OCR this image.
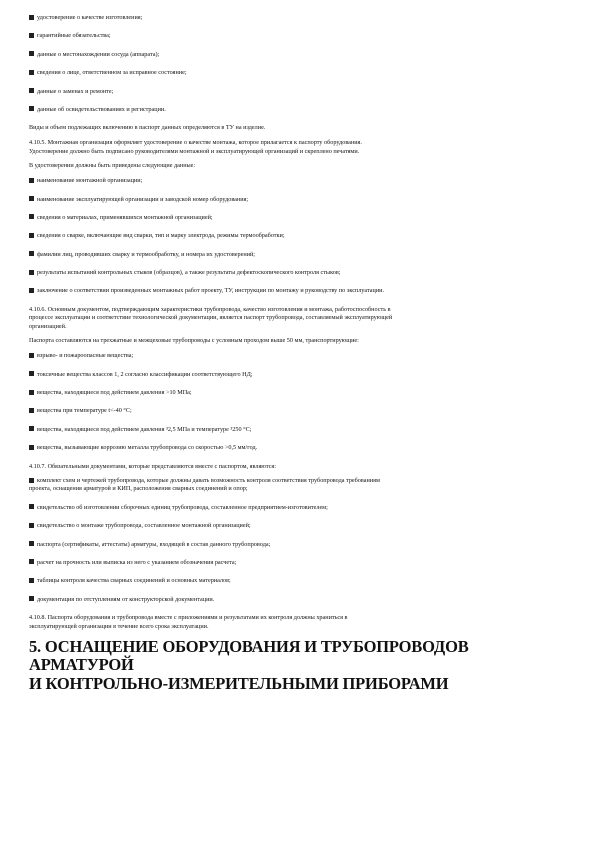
удостоверение о качестве изготовления;
гарантийные обязательства;
данные о местонахождении сосуда (аппарата);
сведения о лице, ответственном за исправное состояние;
данные о заменах и ремонте;
данные об освидетельствованиях и регистрации.
Виды и объем подлежащих включению в паспорт данных определяются в ТУ на изделие.
4.10.5. Монтажная организация оформляет удостоверение о качестве монтажа, которое прилагается к паспорту оборудования.
Удостоверение должно быть подписано руководителями монтажной и эксплуатирующей организаций и скреплено печатями.
В удостоверении должны быть приведены следующие данные:
наименование монтажной организации;
наименование эксплуатирующей организации и заводской номер оборудования;
сведения о материалах, применявшихся монтажной организацией;
сведения о сварке, включающие вид сварки, тип и марку электрода, режимы термообработки;
фамилии лиц, проводивших сварку и термообработку, и номера их удостоверений;
результаты испытаний контрольных стыков (образцов), а также результаты дефектоскопического контроля стыков;
заключение о соответствии произведенных монтажных работ проекту, ТУ, инструкции по монтажу и руководству по эксплуатации.
4.10.6. Основным документом, подтверждающим характеристики трубопровода, качество изготовления и монтажа, работоспособность в
процессе эксплуатации и соответствие технологической документации, является паспорт трубопровода, составляемый эксплуатирующей
организацией.
Паспорта составляются на трехжатные и межцеховые трубопроводы с условным проходом выше 50 мм, транспортирующие:
взрыво- и пожароопасные вещества;
токсичные вещества классов 1, 2 согласно классификации соответствующего НД;
вещества, находящиеся под действием давления >10 МПа;
вещества при температуре t<-40 °С;
вещества, находящиеся под действием давления ³2,5 МПа и температуре ³250 °С;
вещества, вызывающие коррозию металла трубопровода со скоростью >0,5 мм/год.
4.10.7. Обязательными документами, которые представляются вместе с паспортом, являются:
комплект схем и чертежей трубопровода, которые должны давать возможность контроля соответствия трубопровода требованиям
проекта, оснащения арматурой и КИП, расположения сварных соединений и опор;
свидетельство об изготовлении сборочных единиц трубопровода, составленное предприятием-изготовителем;
свидетельство о монтаже трубопровода, составленное монтажной организацией;
паспорта (сертификаты, аттестаты) арматуры, входящей в состав данного трубопровода;
расчет на прочность или выписка из него с указанием обозначения расчета;
таблицы контроля качества сварных соединений и основных материалов;
документация по отступлениям от конструкторской документации.
4.10.8. Паспорта оборудования и трубопровода вместе с приложениями и результатами их контроля должны храниться в
эксплуатирующей организации в течение всего срока эксплуатации.
5. ОСНАЩЕНИЕ ОБОРУДОВАНИЯ И ТРУБОПРОВОДОВ
АРМАТУРОЙ
И КОНТРОЛЬНО-ИЗМЕРИТЕЛЬНЫМИ ПРИБОРАМИ
